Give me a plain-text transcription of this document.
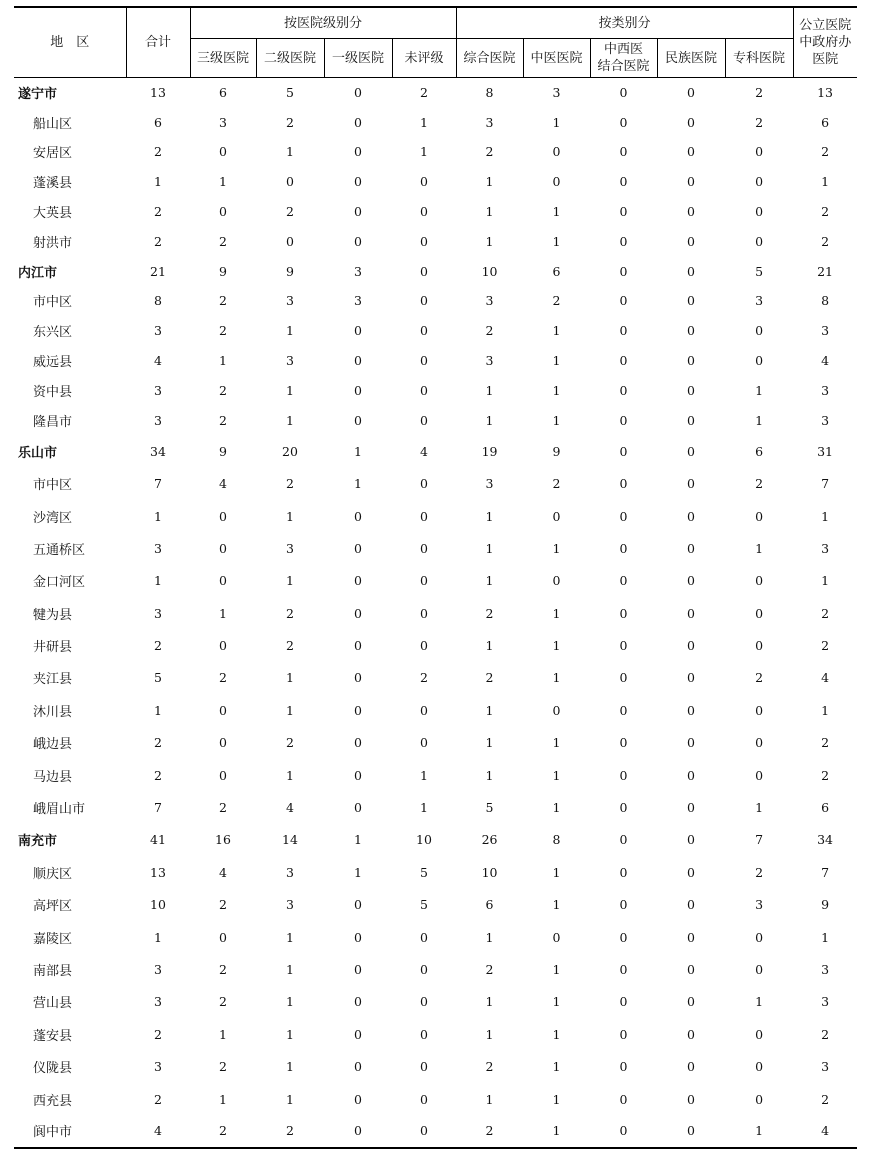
地　区	合计	按医院级别分				按类别分					公立医院
中政府办
医院

		三级医院	二级医院	一级医院	未评级	综合医院	中医医院	中西医
结合医院	民族医院	专科医院	
遂宁市	13	6	5	0	2	8	3	0	0	2	13
船山区	6	3	2	0	1	3	1	0	0	2	6
安居区	2	0	1	0	1	2	0	0	0	0	2
蓬溪县	1	1	0	0	0	1	0	0	0	0	1
大英县	2	0	2	0	0	1	1	0	0	0	2
射洪市	2	2	0	0	0	1	1	0	0	0	2
内江市	21	9	9	3	0	10	6	0	0	5	21
市中区	8	2	3	3	0	3	2	0	0	3	8
东兴区	3	2	1	0	0	2	1	0	0	0	3
威远县	4	1	3	0	0	3	1	0	0	0	4
资中县	3	2	1	0	0	1	1	0	0	1	3
隆昌市	3	2	1	0	0	1	1	0	0	1	3
乐山市	34	9	20	1	4	19	9	0	0	6	31
市中区	7	4	2	1	0	3	2	0	0	2	7
沙湾区	1	0	1	0	0	1	0	0	0	0	1
五通桥区	3	0	3	0	0	1	1	0	0	1	3
金口河区	1	0	1	0	0	1	0	0	0	0	1
犍为县	3	1	2	0	0	2	1	0	0	0	2
井研县	2	0	2	0	0	1	1	0	0	0	2
夹江县	5	2	1	0	2	2	1	0	0	2	4
沐川县	1	0	1	0	0	1	0	0	0	0	1
峨边县	2	0	2	0	0	1	1	0	0	0	2
马边县	2	0	1	0	1	1	1	0	0	0	2
峨眉山市	7	2	4	0	1	5	1	0	0	1	6
南充市	41	16	14	1	10	26	8	0	0	7	34
顺庆区	13	4	3	1	5	10	1	0	0	2	7
高坪区	10	2	3	0	5	6	1	0	0	3	9
嘉陵区	1	0	1	0	0	1	0	0	0	0	1
南部县	3	2	1	0	0	2	1	0	0	0	3
营山县	3	2	1	0	0	1	1	0	0	1	3
蓬安县	2	1	1	0	0	1	1	0	0	0	2
仪陇县	3	2	1	0	0	2	1	0	0	0	3
西充县	2	1	1	0	0	1	1	0	0	0	2
阆中市	4	2	2	0	0	2	1	0	0	1	4
